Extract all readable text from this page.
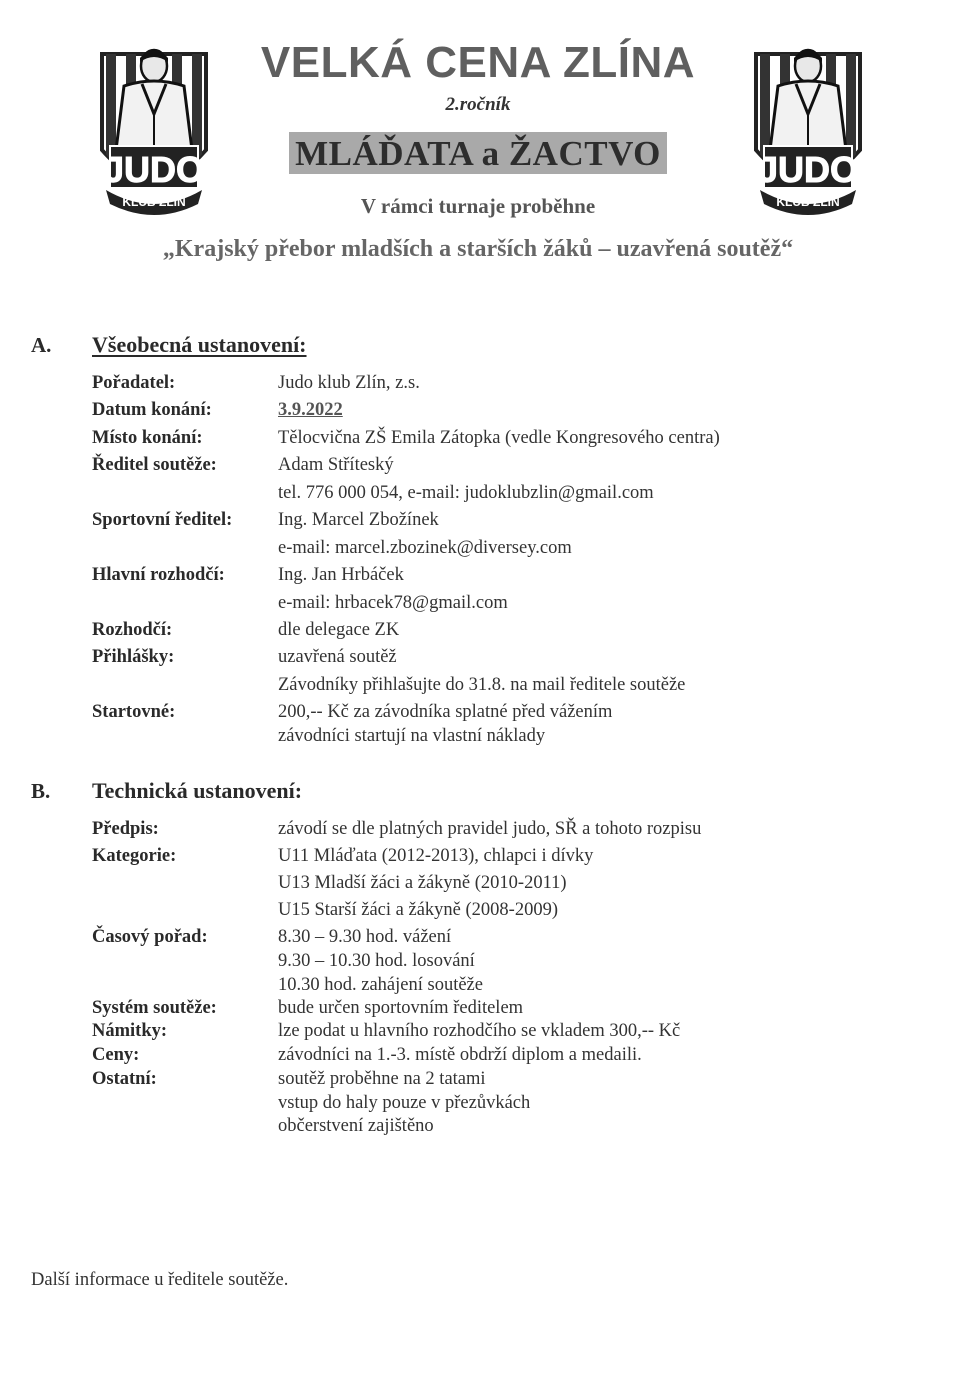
JUDO
KLUB ZLÍN
JUDO
KLUB ZLÍN
VELKÁ CENA ZLÍNA
2.ročník
MLÁĎATA a ŽACTVO
V rámci turnaje proběhne
„Krajský přebor mladších a starších žáků – uzavřená soutěž“
A. Všeobecná ustanovení:
Pořadatel:	Judo klub Zlín, z.s.
Datum konání:	3.9.2022
Místo konání:	Tělocvična ZŠ Emila Zátopka (vedle Kongresového centra)
Ředitel soutěže:	Adam Stříteský
tel. 776 000 054, e-mail: judoklubzlin@gmail.com
Sportovní ředitel: Ing. Marcel Zbožínek
e-mail: marcel.zbozinek@diversey.com
Hlavní rozhodčí:	Ing. Jan Hrbáček
e-mail: hrbacek78@gmail.com
Rozhodčí:	dle delegace ZK
Přihlášky:	uzavřená soutěž
Závodníky přihlašujte do 31.8. na mail ředitele soutěže
Startovné:	200,-- Kč za závodníka splatné před vážením
závodníci startují na vlastní náklady
B. Technická ustanovení:
Předpis:	závodí se dle platných pravidel judo, SŘ a tohoto rozpisu
Kategorie:	U11 Mláďata (2012-2013), chlapci i dívky
U13 Mladší žáci a žákyně (2010-2011)
U15 Starší žáci a žákyně (2008-2009)
Časový pořad:	8.30 – 9.30 hod. vážení
9.30 – 10.30 hod. losování
10.30 hod. zahájení soutěže
Systém soutěže:	bude určen sportovním ředitelem
Námitky:	lze podat u hlavního rozhodčího se vkladem 300,-- Kč
Ceny:	závodníci na 1.-3. místě obdrží diplom a medaili.
Ostatní:	soutěž proběhne na 2 tatami
vstup do haly pouze v přezůvkách
občerstvení zajištěno
Další informace u ředitele soutěže.
